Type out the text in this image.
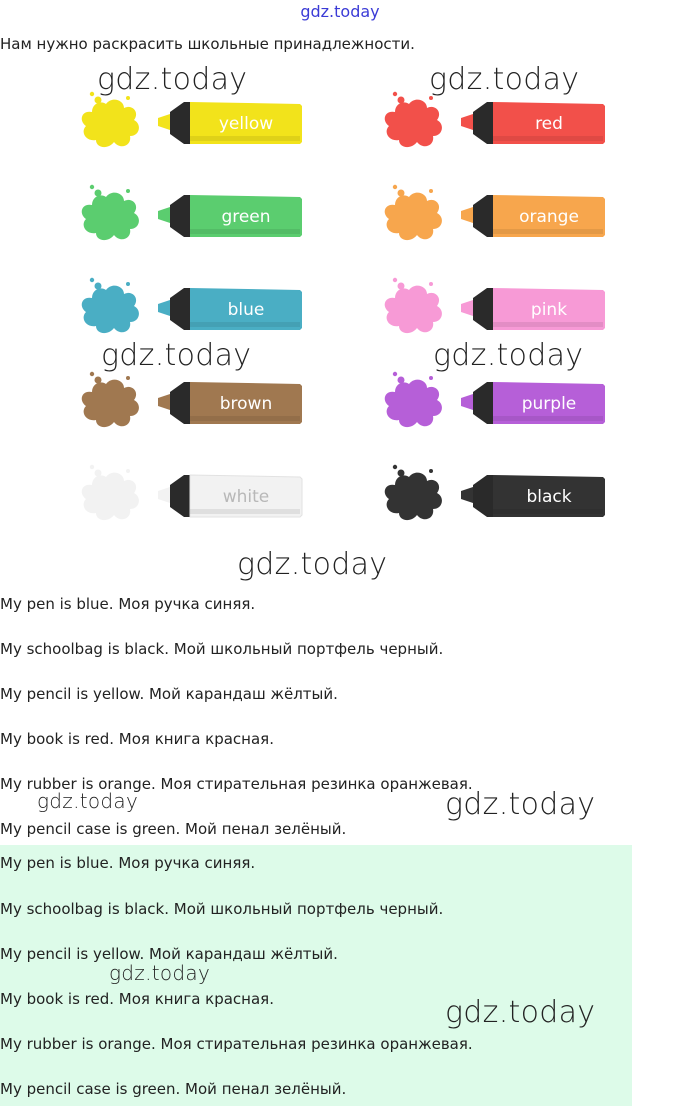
gdz.today
Нам нужно раскрасить школьные принадлежности.
yellow	red
green	orange
blue	pink
brown	purple
white	black
gdz.today	gdz.today
gdz.today	gdz.today
gdz.today
My pen is blue. Моя ручка синяя.
My schoolbag is black. Мой школьный портфель черный.
My pencil is yellow. Мой карандаш жёлтый.
My book is red. Моя книга красная.
My rubber is orange. Моя стирательная резинка оранжевая.
My pencil case is green. Мой пенал зелёный.
gdz.today	gdz.today
My pen is blue. Моя ручка синяя.
My schoolbag is black. Мой школьный портфель черный.
My pencil is yellow. Мой карандаш жёлтый.
My book is red. Моя книга красная.
My rubber is orange. Моя стирательная резинка оранжевая.
My pencil case is green. Мой пенал зелёный.
gdz.today
gdz.today
